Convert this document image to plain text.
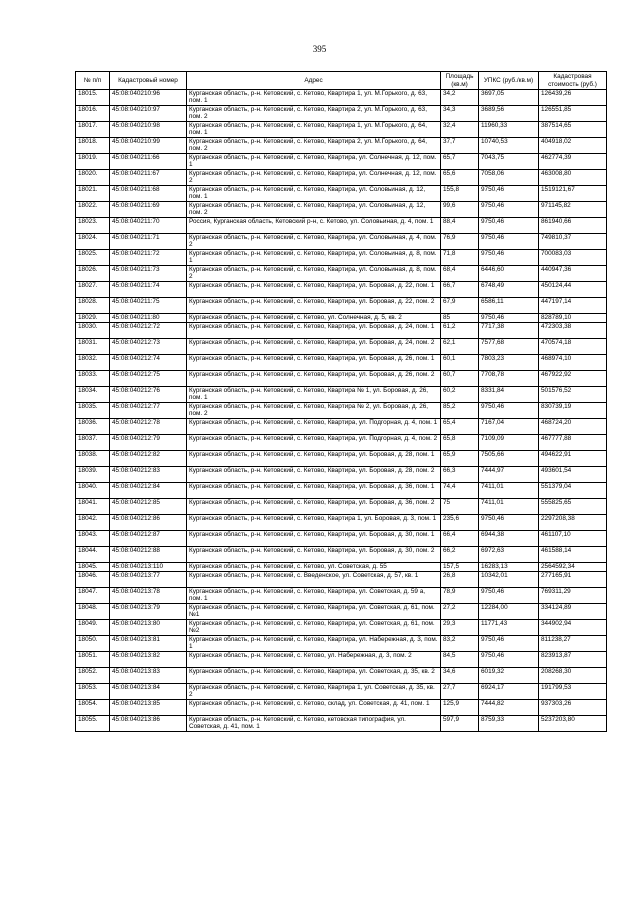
395
№ п/п	Кадастровый номер	Адрес	Площадь (кв.м)	УПКС (руб./кв.м)	Кадастровая стоимость (руб.)
18015.	45:08:040210:96	Курганская область, р-н. Кетовский, с. Кетово, Квартира 1, ул. М.Горького, д. 63, пом. 1	34,2	3697,05	126439,26
18016.	45:08:040210:97	Курганская область, р-н. Кетовский, с. Кетово, Квартира 2, ул. М.Горького, д. 63, пом. 2	34,3	3689,56	126551,85
18017.	45:08:040210:98	Курганская область, р-н. Кетовский, с. Кетово, Квартира 1, ул. М.Горького, д. 64, пом. 1	32,4	11960,33	387514,65
18018.	45:08:040210:99	Курганская область, р-н. Кетовский, с. Кетово, Квартира 2, ул. М.Горького, д. 64, пом. 2	37,7	10740,53	404918,02
18019.	45:08:040211:66	Курганская область, р-н. Кетовский, с. Кетово, Квартира, ул. Солнечная, д. 12, пом. 1	65,7	7043,75	462774,39
18020.	45:08:040211:67	Курганская область, р-н. Кетовский, с. Кетово, Квартира, ул. Солнечная, д. 12, пом. 2	65,6	7058,06	463008,80
18021.	45:08:040211:68	Курганская область, р-н. Кетовский, с. Кетово, Квартира, ул. Соловьиная, д. 12, пом. 1	155,8	9750,46	1519121,67
18022.	45:08:040211:69	Курганская область, р-н. Кетовский, с. Кетово, Квартира, ул. Соловьиная, д. 12, пом. 2	99,6	9750,46	971145,82
18023.	45:08:040211:70	Россия, Курганская область, Кетовский р-н, с. Кетово, ул. Соловьиная, д. 4, пом. 1	88,4	9750,46	861940,66
18024.	45:08:040211:71	Курганская область, р-н. Кетовский, с. Кетово, Квартира, ул. Соловьиная, д. 4, пом. 2	76,9	9750,46	749810,37
18025.	45:08:040211:72	Курганская область, р-н. Кетовский, с. Кетово, Квартира, ул. Соловьиная, д. 8, пом. 1	71,8	9750,46	700083,03
18026.	45:08:040211:73	Курганская область, р-н. Кетовский, с. Кетово, Квартира, ул. Соловьиная, д. 8, пом. 2	68,4	6446,60	440947,36
18027.	45:08:040211:74	Курганская область, р-н. Кетовский, с. Кетово, Квартира, ул. Боровая, д. 22, пом. 1	66,7	6748,49	450124,44
18028.	45:08:040211:75	Курганская область, р-н. Кетовский, с. Кетово, Квартира, ул. Боровая, д. 22, пом. 2	67,9	6586,11	447197,14
18029.	45:08:040211:80	Курганская область, р-н. Кетовский, с. Кетово, ул. Солнечная, д. 5, кв. 2	85	9750,46	828789,10
18030.	45:08:040212:72	Курганская область, р-н. Кетовский, с. Кетово, Квартира, ул. Боровая, д. 24, пом. 1	61,2	7717,38	472303,38
18031.	45:08:040212:73	Курганская область, р-н. Кетовский, с. Кетово, Квартира, ул. Боровая, д. 24, пом. 2	62,1	7577,68	470574,18
18032.	45:08:040212:74	Курганская область, р-н. Кетовский, с. Кетово, Квартира, ул. Боровая, д. 26, пом. 1	60,1	7803,23	468974,10
18033.	45:08:040212:75	Курганская область, р-н. Кетовский, с. Кетово, Квартира, ул. Боровая, д. 26, пом. 2	60,7	7708,78	467922,92
18034.	45:08:040212:76	Курганская область, р-н. Кетовский, с. Кетово, Квартира № 1, ул. Боровая, д. 26, пом. 1	60,2	8331,84	501576,52
18035.	45:08:040212:77	Курганская область, р-н. Кетовский, с. Кетово, Квартира № 2, ул. Боровая, д. 26, пом. 2	85,2	9750,46	830739,19
18036.	45:08:040212:78	Курганская область, р-н. Кетовский, с. Кетово, Квартира, ул. Подгорная, д. 4, пом. 1	65,4	7167,04	468724,20
18037.	45:08:040212:79	Курганская область, р-н. Кетовский, с. Кетово, Квартира, ул. Подгорная, д. 4, пом. 2	65,8	7109,09	467777,88
18038.	45:08:040212:82	Курганская область, р-н. Кетовский, с. Кетово, Квартира, ул. Боровая, д. 28, пом. 1	65,9	7505,66	494622,91
18039.	45:08:040212:83	Курганская область, р-н. Кетовский, с. Кетово, Квартира, ул. Боровая, д. 28, пом. 2	66,3	7444,97	493601,54
18040.	45:08:040212:84	Курганская область, р-н. Кетовский, с. Кетово, Квартира, ул. Боровая, д. 36, пом. 1	74,4	7411,01	551379,04
18041.	45:08:040212:85	Курганская область, р-н. Кетовский, с. Кетово, Квартира, ул. Боровая, д. 36, пом. 2	75	7411,01	555825,65
18042.	45:08:040212:86	Курганская область, р-н. Кетовский, с. Кетово, Квартира 1, ул. Боровая, д. 3, пом. 1	235,6	9750,46	2297208,38
18043.	45:08:040212:87	Курганская область, р-н. Кетовский, с. Кетово, Квартира, ул. Боровая, д. 30, пом. 1	66,4	6944,38	461107,10
18044.	45:08:040212:88	Курганская область, р-н. Кетовский, с. Кетово, Квартира, ул. Боровая, д. 30, пом. 2	66,2	6972,63	461588,14
18045.	45:08:040213:110	Курганская область, р-н. Кетовский, с. Кетово, ул. Советская, д. 55	157,5	16283,13	2564592,34
18046.	45:08:040213:77	Курганская область, р-н. Кетовский, с. Введенское, ул. Советская, д. 57, кв. 1	26,8	10342,01	277165,91
18047.	45:08:040213:78	Курганская область, р-н. Кетовский, с. Кетово, Квартира, ул. Советская, д. 59 а, пом. 1	78,9	9750,46	769311,29
18048.	45:08:040213:79	Курганская область, р-н. Кетовский, с. Кетово, Квартира, ул. Советская, д. 61, пом. №1	27,2	12284,00	334124,89
18049.	45:08:040213:80	Курганская область, р-н. Кетовский, с. Кетово, Квартира, ул. Советская, д. 61, пом. №2	29,3	11771,43	344902,94
18050.	45:08:040213:81	Курганская область, р-н. Кетовский, с. Кетово, Квартира, ул. Набережная, д. 3, пом. 1	83,2	9750,46	811238,27
18051.	45:08:040213:82	Курганская область, р-н. Кетовский, с. Кетово, ул. Набережная, д. 3, пом. 2	84,5	9750,46	823913,87
18052.	45:08:040213:83	Курганская область, р-н. Кетовский, с. Кетово, Квартира, ул. Советская, д. 35, кв. 2	34,6	6019,32	208268,30
18053.	45:08:040213:84	Курганская область, р-н. Кетовский, с. Кетово, Квартира 1, ул. Советская, д. 35, кв. 2	27,7	6924,17	191799,53
18054.	45:08:040213:85	Курганская область, р-н. Кетовский, с. Кетово, склад, ул. Советская, д. 41, пом. 1	125,9	7444,82	937303,26
18055.	45:08:040213:86	Курганская область, р-н. Кетовский, с. Кетово, кетовская типография, ул. Советская, д. 41, пом. 1	597,9	8759,33	5237203,80
